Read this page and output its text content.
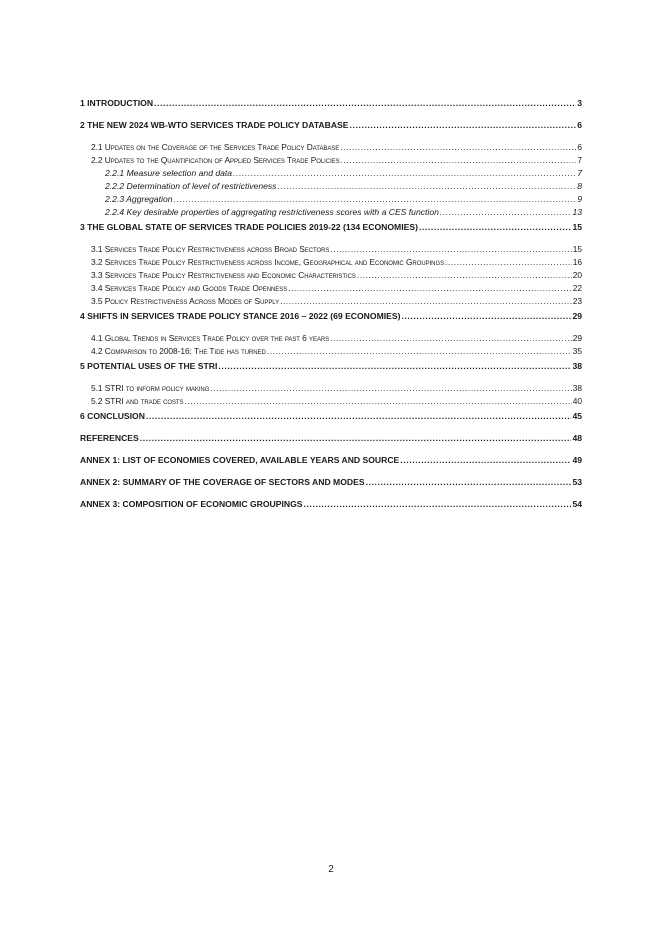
1 INTRODUCTION .....	3
2 THE NEW 2024 WB-WTO SERVICES TRADE POLICY DATABASE .....	6
2.1 Updates on the Coverage of the Services Trade Policy Database .....	6
2.2 Updates to the Quantification of Applied Services Trade Policies .....	7
2.2.1 Measure selection and data .....	7
2.2.2 Determination of level of restrictiveness .....	8
2.2.3 Aggregation .....	9
2.2.4 Key desirable properties of aggregating restrictiveness scores with a CES function .....	13
3 THE GLOBAL STATE OF SERVICES TRADE POLICIES 2019-22 (134 ECONOMIES) .....	15
3.1 Services Trade Policy Restrictiveness across Broad Sectors .....	15
3.2 Services Trade Policy Restrictiveness across Income, Geographical and Economic Groupings .....	16
3.3 Services Trade Policy Restrictiveness and Economic Characteristics .....	20
3.4 Services Trade Policy and Goods Trade Openness .....	22
3.5 Policy Restrictiveness Across Modes of Supply .....	23
4 SHIFTS IN SERVICES TRADE POLICY STANCE 2016 – 2022 (69 ECONOMIES) .....	29
4.1 Global Trends in Services Trade Policy over the past 6 years .....	29
4.2 Comparison to 2008-16: The Tide has turned .....	35
5 POTENTIAL USES OF THE STRI .....	38
5.1 STRI to inform policy making .....	38
5.2 STRI and trade costs .....	40
6 CONCLUSION .....	45
REFERENCES .....	48
ANNEX 1: LIST OF ECONOMIES COVERED, AVAILABLE YEARS AND SOURCE .....	49
ANNEX 2: SUMMARY OF THE COVERAGE OF SECTORS AND MODES .....	53
ANNEX 3: COMPOSITION OF ECONOMIC GROUPINGS .....	54
2
